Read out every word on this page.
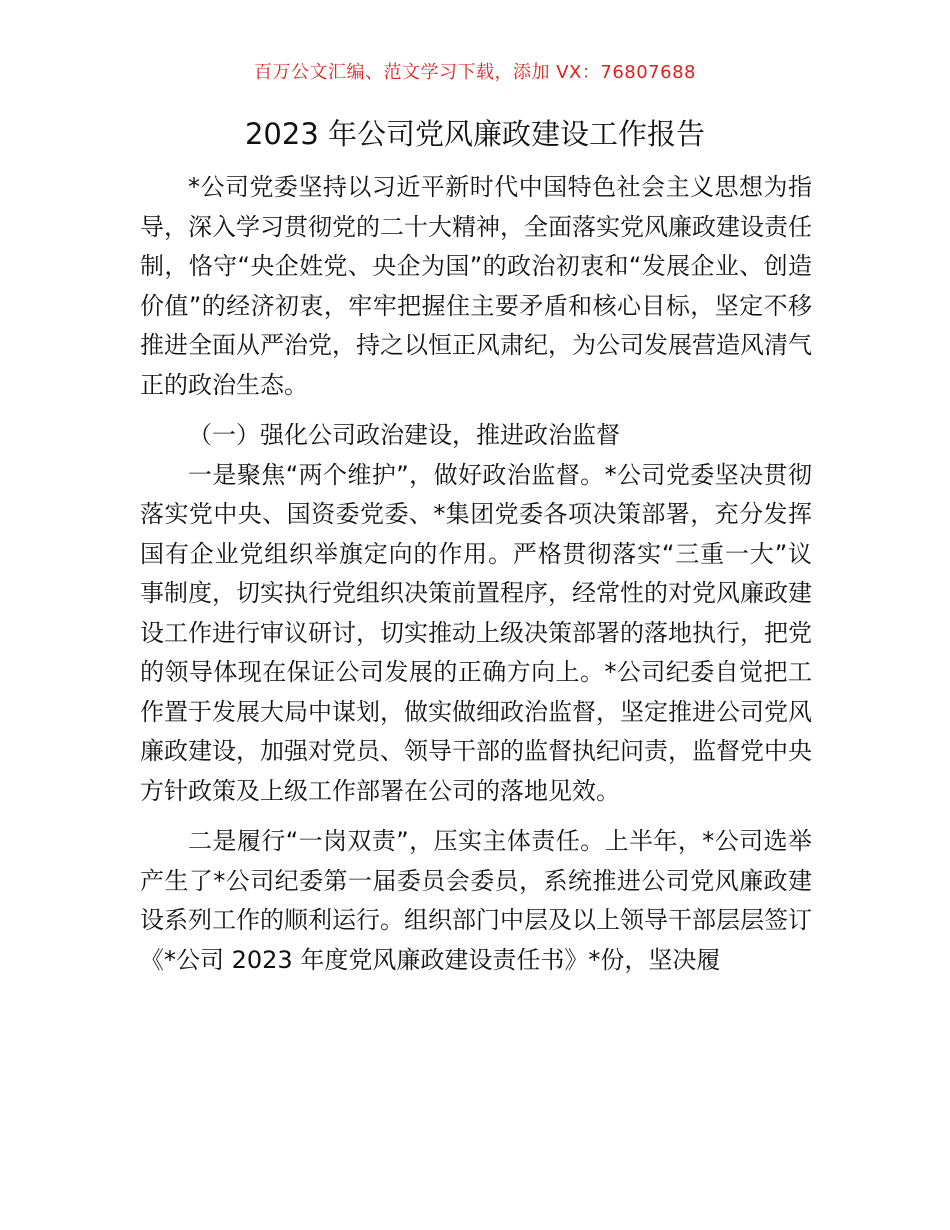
百万公文汇编、范文学习下载，添加 VX：76807688
2023 年公司党风廉政建设工作报告

*公司党委坚持以习近平新时代中国特色社会主义思想为指导，深入学习贯彻党的二十大精神，全面落实党风廉政建设责任制，恪守“央企姓党、央企为国”的政治初衷和“发展企业、创造价值”的经济初衷，牢牢把握住主要矛盾和核心目标，坚定不移推进全面从严治党，持之以恒正风肃纪，为公司发展营造风清气正的政治生态。

（一）强化公司政治建设，推进政治监督

一是聚焦“两个维护”，做好政治监督。*公司党委坚决贯彻落实党中央、国资委党委、*集团党委各项决策部署，充分发挥国有企业党组织举旗定向的作用。严格贯彻落实“三重一大”议事制度，切实执行党组织决策前置程序，经常性的对党风廉政建设工作进行审议研讨，切实推动上级决策部署的落地执行，把党的领导体现在保证公司发展的正确方向上。*公司纪委自觉把工作置于发展大局中谋划，做实做细政治监督，坚定推进公司党风廉政建设，加强对党员、领导干部的监督执纪问责，监督党中央方针政策及上级工作部署在公司的落地见效。

二是履行“一岗双责”，压实主体责任。上半年，*公司选举产生了*公司纪委第一届委员会委员，系统推进公司党风廉政建设系列工作的顺利运行。组织部门中层及以上领导干部层层签订《*公司 2023 年度党风廉政建设责任书》*份，坚决履
